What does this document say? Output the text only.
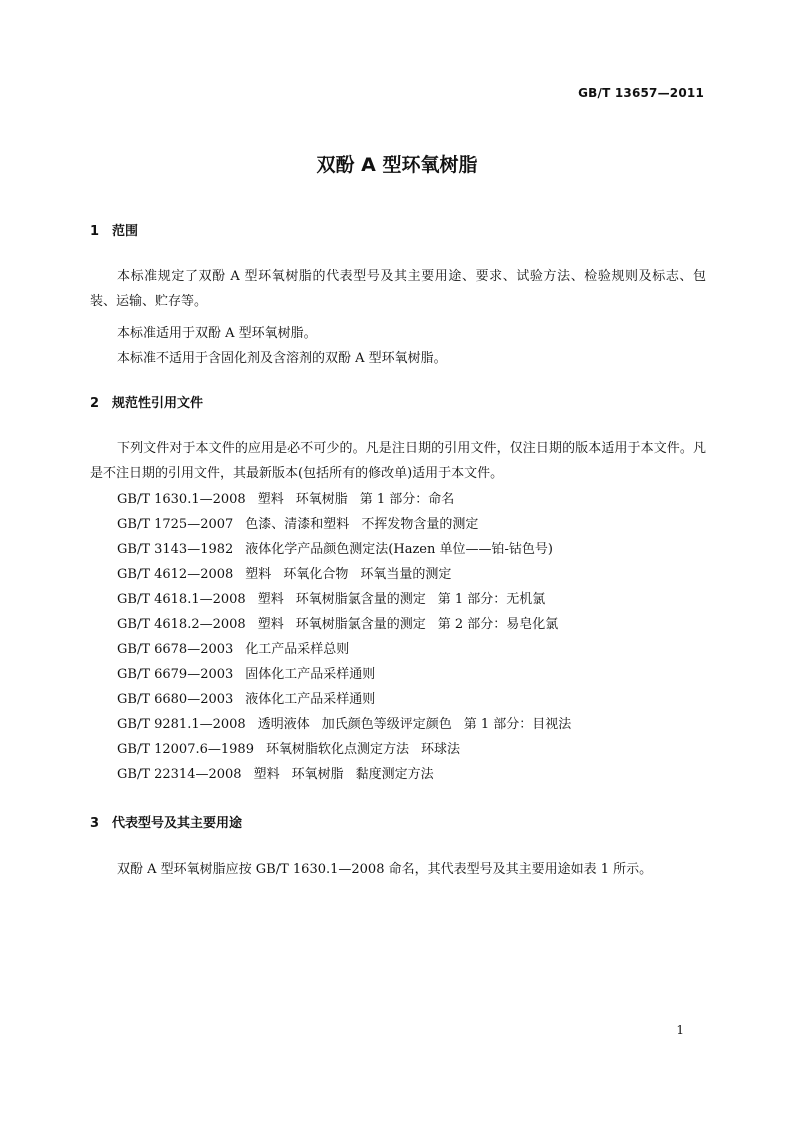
GB/T 13657—2011
双酚 A 型环氧树脂
1 范围

本标准规定了双酚 A 型环氧树脂的代表型号及其主要用途、要求、试验方法、检验规则及标志、包装、运输、贮存等。

本标准适用于双酚 A 型环氧树脂。
本标准不适用于含固化剂及含溶剂的双酚 A 型环氧树脂。
2 规范性引用文件

下列文件对于本文件的应用是必不可少的。凡是注日期的引用文件，仅注日期的版本适用于本文件。凡是不注日期的引用文件，其最新版本(包括所有的修改单)适用于本文件。

GB/T 1630.1—2008 塑料 环氧树脂 第 1 部分：命名
GB/T 1725—2007 色漆、清漆和塑料 不挥发物含量的测定
GB/T 3143—1982 液体化学产品颜色测定法(Hazen 单位——铂-钴色号)
GB/T 4612—2008 塑料 环氧化合物 环氧当量的测定
GB/T 4618.1—2008 塑料 环氧树脂氯含量的测定 第 1 部分：无机氯
GB/T 4618.2—2008 塑料 环氧树脂氯含量的测定 第 2 部分：易皂化氯
GB/T 6678—2003 化工产品采样总则
GB/T 6679—2003 固体化工产品采样通则
GB/T 6680—2003 液体化工产品采样通则
GB/T 9281.1—2008 透明液体 加氏颜色等级评定颜色 第 1 部分：目视法
GB/T 12007.6—1989 环氧树脂软化点测定方法 环球法
GB/T 22314—2008 塑料 环氧树脂 黏度测定方法
3 代表型号及其主要用途
双酚 A 型环氧树脂应按 GB/T 1630.1—2008 命名，其代表型号及其主要用途如表 1 所示。
1
